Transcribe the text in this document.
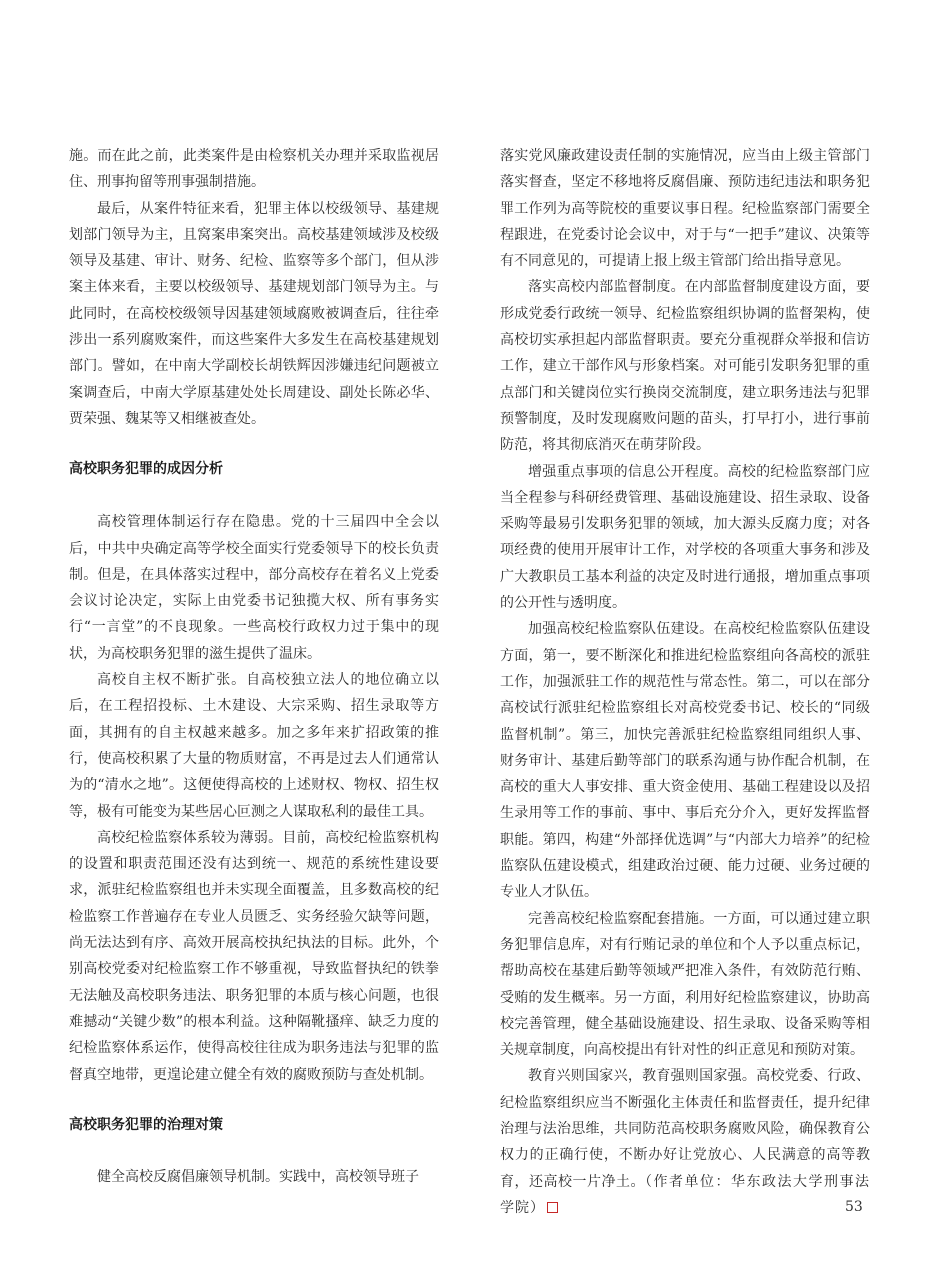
施。而在此之前，此类案件是由检察机关办理并采取监视居住、刑事拘留等刑事强制措施。

最后，从案件特征来看，犯罪主体以校级领导、基建规划部门领导为主，且窝案串案突出。高校基建领域涉及校级领导及基建、审计、财务、纪检、监察等多个部门，但从涉案主体来看，主要以校级领导、基建规划部门领导为主。与此同时，在高校校级领导因基建领域腐败被调查后，往往牵涉出一系列腐败案件，而这些案件大多发生在高校基建规划部门。譬如，在中南大学副校长胡铁辉因涉嫌违纪问题被立案调查后，中南大学原基建处处长周建设、副处长陈必华、贾荣强、魏某等又相继被查处。

高校职务犯罪的成因分析

高校管理体制运行存在隐患。党的十三届四中全会以后，中共中央确定高等学校全面实行党委领导下的校长负责制。但是，在具体落实过程中，部分高校存在着名义上党委会议讨论决定，实际上由党委书记独揽大权、所有事务实行“一言堂”的不良现象。一些高校行政权力过于集中的现状，为高校职务犯罪的滋生提供了温床。

高校自主权不断扩张。自高校独立法人的地位确立以后，在工程招投标、土木建设、大宗采购、招生录取等方面，其拥有的自主权越来越多。加之多年来扩招政策的推行，使高校积累了大量的物质财富，不再是过去人们通常认为的“清水之地”。这便使得高校的上述财权、物权、招生权等，极有可能变为某些居心叵测之人谋取私利的最佳工具。

高校纪检监察体系较为薄弱。目前，高校纪检监察机构的设置和职责范围还没有达到统一、规范的系统性建设要求，派驻纪检监察组也并未实现全面覆盖，且多数高校的纪检监察工作普遍存在专业人员匮乏、实务经验欠缺等问题，尚无法达到有序、高效开展高校执纪执法的目标。此外，个别高校党委对纪检监察工作不够重视，导致监督执纪的铁拳无法触及高校职务违法、职务犯罪的本质与核心问题，也很难撼动“关键少数”的根本利益。这种隔靴搔痒、缺乏力度的纪检监察体系运作，使得高校往往成为职务违法与犯罪的监督真空地带，更遑论建立健全有效的腐败预防与查处机制。

高校职务犯罪的治理对策

健全高校反腐倡廉领导机制。实践中，高校领导班子

落实党风廉政建设责任制的实施情况，应当由上级主管部门落实督查，坚定不移地将反腐倡廉、预防违纪违法和职务犯罪工作列为高等院校的重要议事日程。纪检监察部门需要全程跟进，在党委讨论会议中，对于与“一把手”建议、决策等有不同意见的，可提请上报上级主管部门给出指导意见。

落实高校内部监督制度。在内部监督制度建设方面，要形成党委行政统一领导、纪检监察组织协调的监督架构，使高校切实承担起内部监督职责。要充分重视群众举报和信访工作，建立干部作风与形象档案。对可能引发职务犯罪的重点部门和关键岗位实行换岗交流制度，建立职务违法与犯罪预警制度，及时发现腐败问题的苗头，打早打小，进行事前防范，将其彻底消灭在萌芽阶段。

增强重点事项的信息公开程度。高校的纪检监察部门应当全程参与科研经费管理、基础设施建设、招生录取、设备采购等最易引发职务犯罪的领域，加大源头反腐力度；对各项经费的使用开展审计工作，对学校的各项重大事务和涉及广大教职员工基本利益的决定及时进行通报，增加重点事项的公开性与透明度。

加强高校纪检监察队伍建设。在高校纪检监察队伍建设方面，第一，要不断深化和推进纪检监察组向各高校的派驻工作，加强派驻工作的规范性与常态性。第二，可以在部分高校试行派驻纪检监察组长对高校党委书记、校长的“同级监督机制”。第三，加快完善派驻纪检监察组同组织人事、财务审计、基建后勤等部门的联系沟通与协作配合机制，在高校的重大人事安排、重大资金使用、基础工程建设以及招生录用等工作的事前、事中、事后充分介入，更好发挥监督职能。第四，构建“外部择优选调”与“内部大力培养”的纪检监察队伍建设模式，组建政治过硬、能力过硬、业务过硬的专业人才队伍。

完善高校纪检监察配套措施。一方面，可以通过建立职务犯罪信息库，对有行贿记录的单位和个人予以重点标记，帮助高校在基建后勤等领域严把准入条件，有效防范行贿、受贿的发生概率。另一方面，利用好纪检监察建议，协助高校完善管理，健全基础设施建设、招生录取、设备采购等相关规章制度，向高校提出有针对性的纠正意见和预防对策。

教育兴则国家兴，教育强则国家强。高校党委、行政、纪检监察组织应当不断强化主体责任和监督责任，提升纪律治理与法治思维，共同防范高校职务腐败风险，确保教育公权力的正确行使，不断办好让党放心、人民满意的高等教育，还高校一片净土。（作者单位：华东政法大学刑事法学院）	53
